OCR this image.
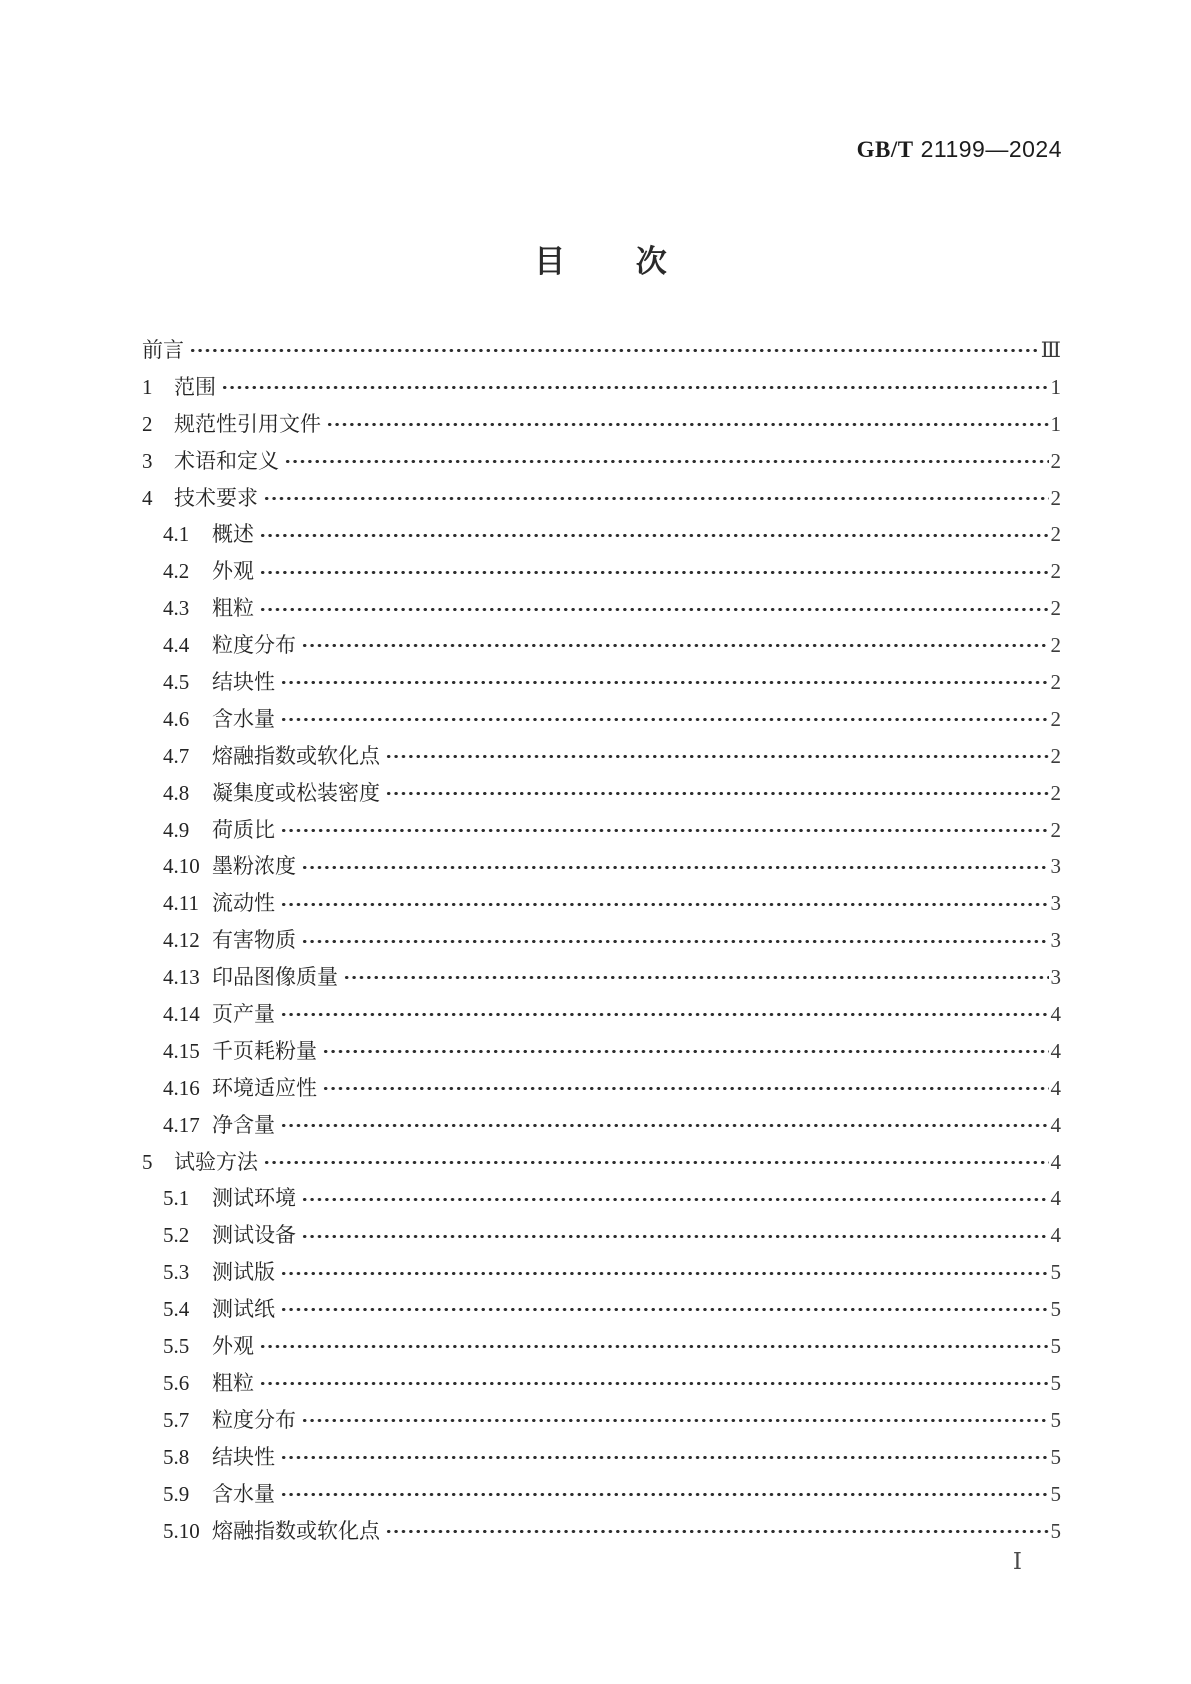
GB/T 21199—2024
目 次
前言	Ⅲ
1	范围	1
2	规范性引用文件	1
3	术语和定义	2
4	技术要求	2
4.1	概述	2
4.2	外观	2
4.3	粗粒	2
4.4	粒度分布	2
4.5	结块性	2
4.6	含水量	2
4.7	熔融指数或软化点	2
4.8	凝集度或松装密度	2
4.9	荷质比	2
4.10 墨粉浓度	3
4.11 流动性	3
4.12 有害物质	3
4.13 印品图像质量	3
4.14 页产量	4
4.15 千页耗粉量	4
4.16 环境适应性	4
4.17 净含量	4
5	试验方法	4
5.1	测试环境	4
5.2	测试设备	4
5.3	测试版	5
5.4	测试纸	5
5.5	外观	5
5.6	粗粒	5
5.7	粒度分布	5
5.8	结块性	5
5.9	含水量	5
5.10 熔融指数或软化点	5
Ⅰ
